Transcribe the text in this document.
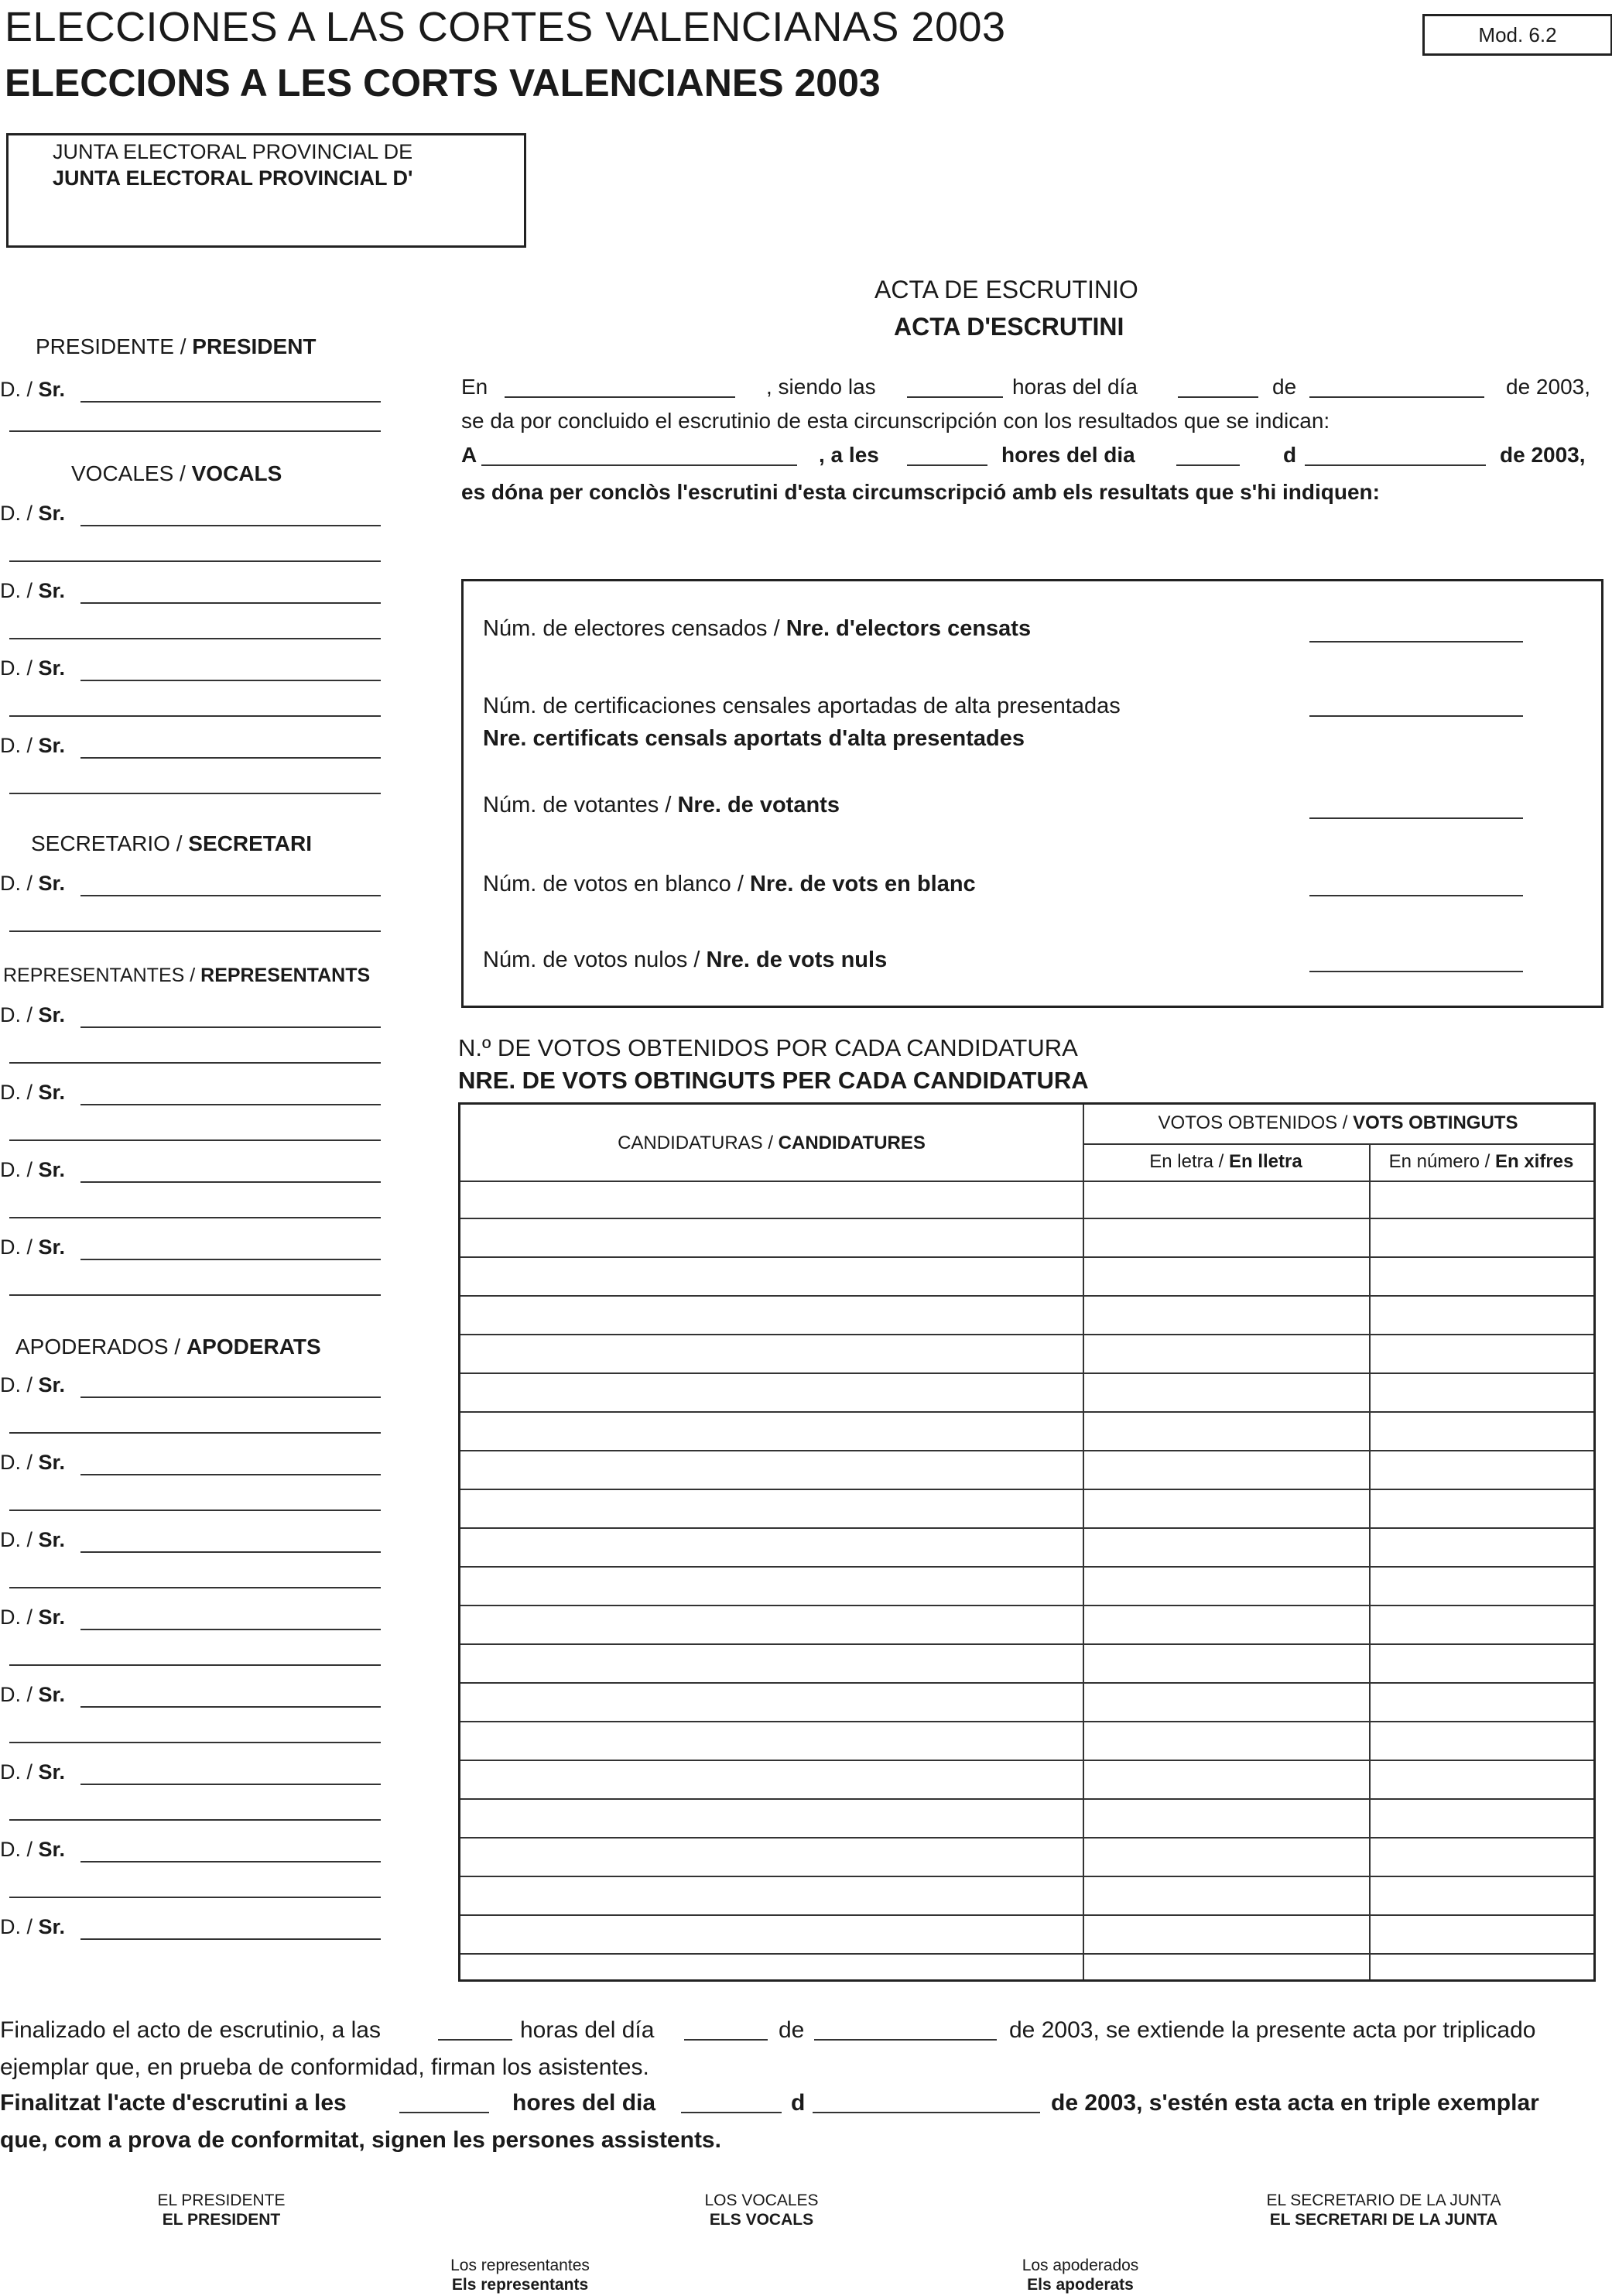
ELECCIONES A LAS CORTES VALENCIANAS 2003
ELECCIONS A LES CORTS VALENCIANES 2003
Mod. 6.2
JUNTA ELECTORAL PROVINCIAL DE
JUNTA ELECTORAL PROVINCIAL D'
PRESIDENTE / PRESIDENT
VOCALES / VOCALS
SECRETARIO / SECRETARI
REPRESENTANTES / REPRESENTANTS
APODERADOS / APODERATS
D. / Sr.
D. / Sr.
D. / Sr.
D. / Sr.
D. / Sr.
D. / Sr.
D. / Sr.
D. / Sr.
D. / Sr.
D. / Sr.
D. / Sr.
D. / Sr.
D. / Sr.
D. / Sr.
D. / Sr.
D. / Sr.
D. / Sr.
D. / Sr.
ACTA DE ESCRUTINIO
ACTA D'ESCRUTINI
En	, siendo las	horas del día	de	de 2003,
se da por concluido el escrutinio de esta circunscripción con los resultados que se indican:
A	, a les	hores del dia	d	de 2003,
es dóna per conclòs l'escrutini d'esta circumscripció amb els resultats que s'hi indiquen:
Núm. de electores censados / Nre. d'electors censats
Núm. de certificaciones censales aportadas de alta presentadas
Nre. certificats censals aportats d'alta presentades
Núm. de votantes / Nre. de votants
Núm. de votos en blanco / Nre. de vots en blanc
Núm. de votos nulos / Nre. de vots nuls
N.º DE VOTOS OBTENIDOS POR CADA CANDIDATURA
NRE. DE VOTS OBTINGUTS PER CADA CANDIDATURA
CANDIDATURAS / CANDIDATURES
VOTOS OBTENIDOS / VOTS OBTINGUTS
En letra / En lletra	En número / En xifres
Finalizado el acto de escrutinio, a las	horas del día	de	de 2003, se extiende la presente acta por triplicado
ejemplar que, en prueba de conformidad, firman los asistentes.
Finalitzat l'acte d'escrutini a les	hores del dia	d	de 2003, s'estén esta acta en triple exemplar
que, com a prova de conformitat, signen les persones assistents.
EL PRESIDENTE
EL PRESIDENT
LOS VOCALES
ELS VOCALS
EL SECRETARIO DE LA JUNTA
EL SECRETARI DE LA JUNTA
Los representantes
Els representants
Los apoderados
Els apoderats
